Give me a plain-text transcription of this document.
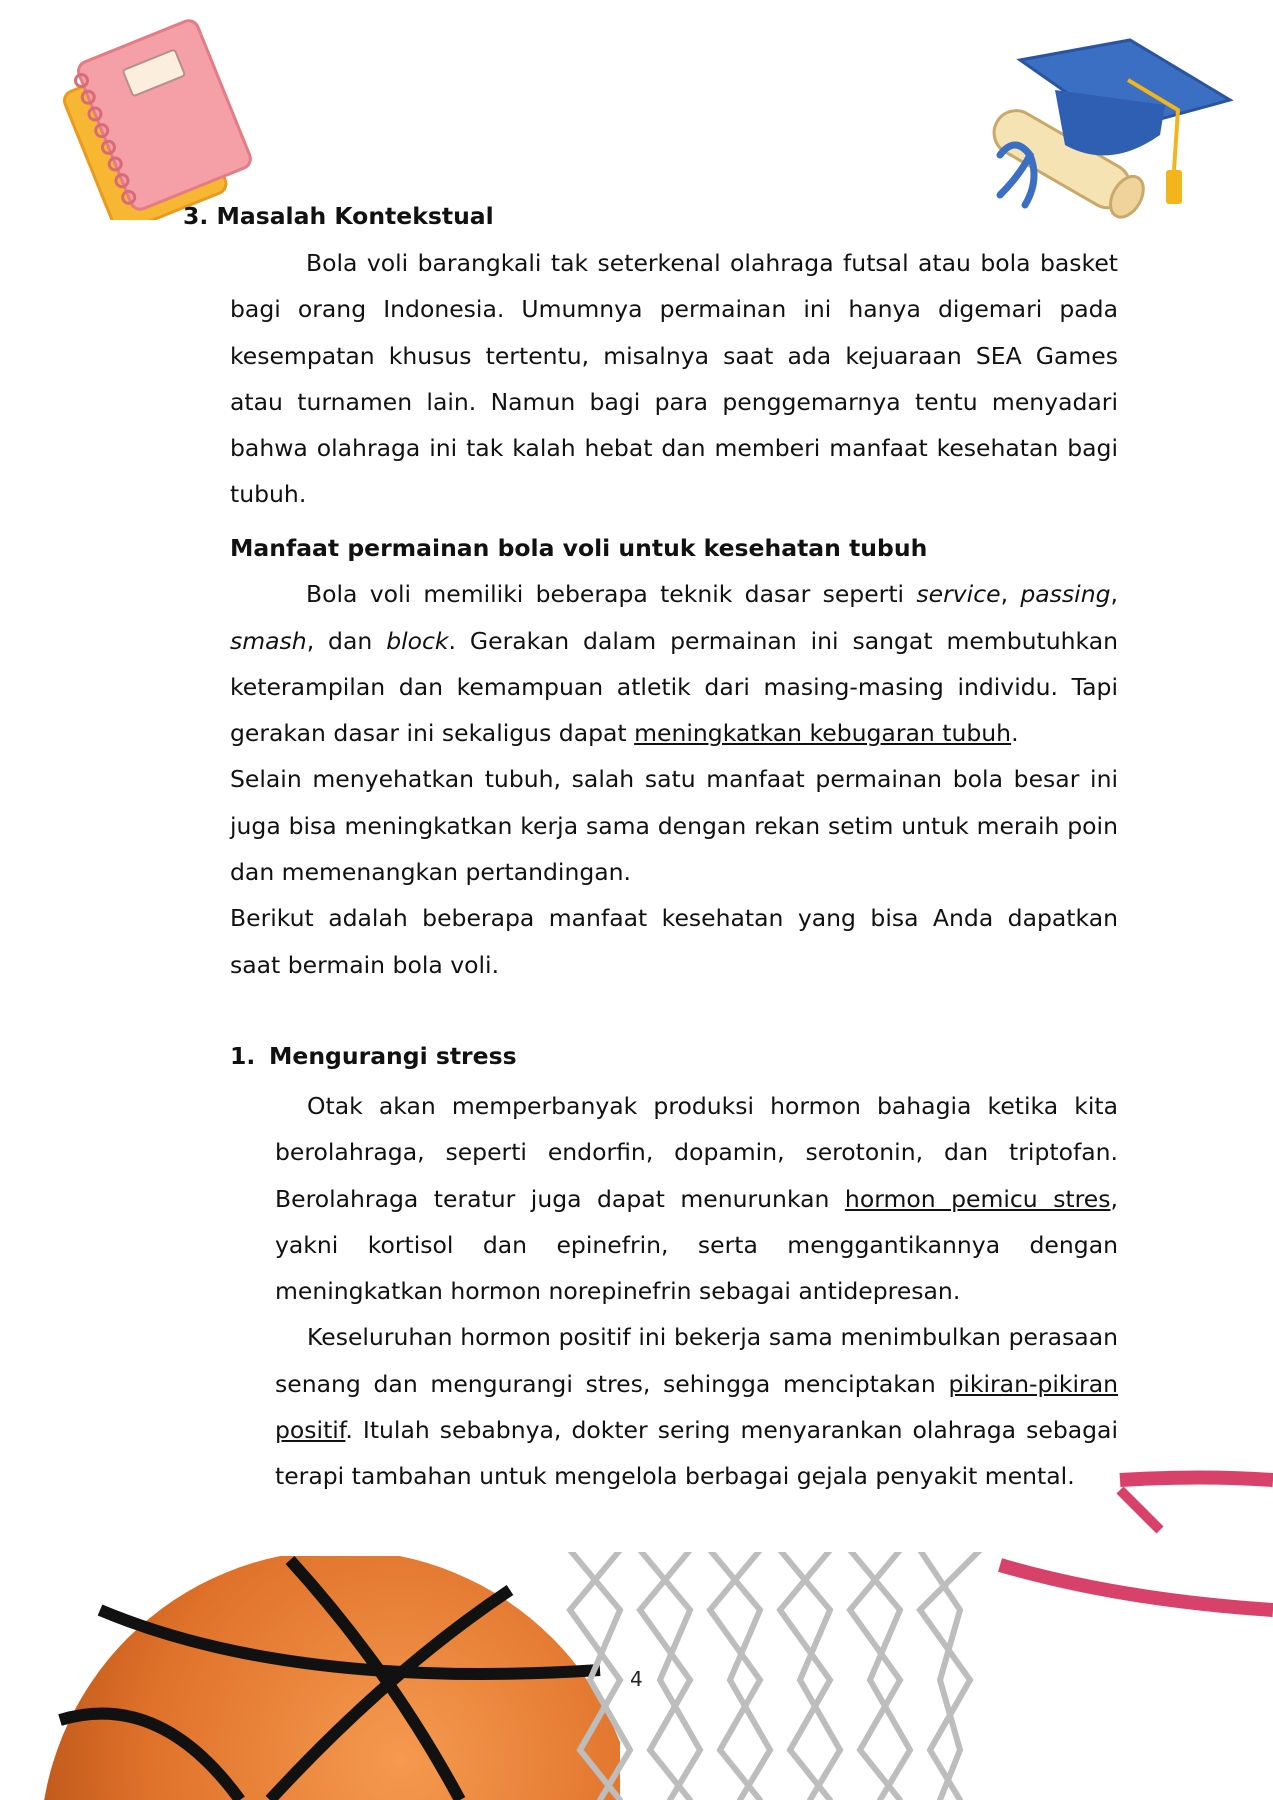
3. Masalah Kontekstual

Bola voli barangkali tak seterkenal olahraga futsal atau bola basket bagi orang Indonesia. Umumnya permainan ini hanya digemari pada kesempatan khusus tertentu, misalnya saat ada kejuaraan SEA Games atau turnamen lain. Namun bagi para penggemarnya tentu menyadari bahwa olahraga ini tak kalah hebat dan memberi manfaat kesehatan bagi tubuh.

Manfaat permainan bola voli untuk kesehatan tubuh

Bola voli memiliki beberapa teknik dasar seperti service, passing, smash, dan block. Gerakan dalam permainan ini sangat membutuhkan keterampilan dan kemampuan atletik dari masing-masing individu. Tapi gerakan dasar ini sekaligus dapat meningkatkan kebugaran tubuh.

Selain menyehatkan tubuh, salah satu manfaat permainan bola besar ini juga bisa meningkatkan kerja sama dengan rekan setim untuk meraih poin dan memenangkan pertandingan.

Berikut adalah beberapa manfaat kesehatan yang bisa Anda dapatkan saat bermain bola voli.

1. Mengurangi stress

Otak akan memperbanyak produksi hormon bahagia ketika kita berolahraga, seperti endorfin, dopamin, serotonin, dan triptofan. Berolahraga teratur juga dapat menurunkan hormon pemicu stres, yakni kortisol dan epinefrin, serta menggantikannya dengan meningkatkan hormon norepinefrin sebagai antidepresan.

Keseluruhan hormon positif ini bekerja sama menimbulkan perasaan senang dan mengurangi stres, sehingga menciptakan pikiran-pikiran positif. Itulah sebabnya, dokter sering menyarankan olahraga sebagai terapi tambahan untuk mengelola berbagai gejala penyakit mental.

4
